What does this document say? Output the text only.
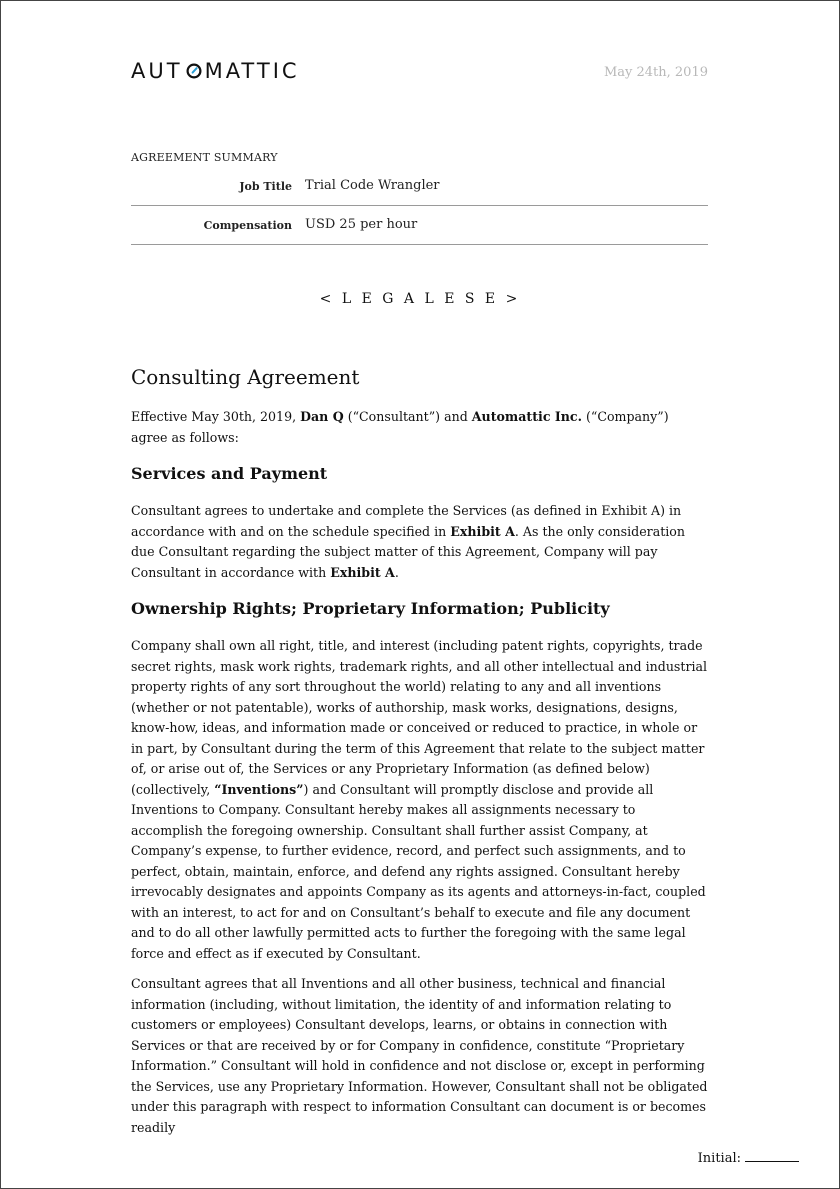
AUT MATTIC	May 24th, 2019
AGREEMENT SUMMARY
Job Title Trial Code Wrangler
Compensation USD 25 per hour
< L E G A L E S E >
Consulting Agreement

Effective May 30th, 2019, Dan Q (“Consultant”) and Automattic Inc. (“Company”) agree as follows:

Services and Payment

Consultant agrees to undertake and complete the Services (as defined in Exhibit A) in accordance with and on the schedule specified in Exhibit A. As the only consideration due Consultant regarding the subject matter of this Agreement, Company will pay Consultant in accordance with Exhibit A.

Ownership Rights; Proprietary Information; Publicity

Company shall own all right, title, and interest (including patent rights, copyrights, trade secret rights, mask work rights, trademark rights, and all other intellectual and industrial property rights of any sort throughout the world) relating to any and all inventions (whether or not patentable), works of authorship, mask works, designations, designs, know-how, ideas, and information made or conceived or reduced to practice, in whole or in part, by Consultant during the term of this Agreement that relate to the subject matter of, or arise out of, the Services or any Proprietary Information (as defined below) (collectively, “Inventions”) and Consultant will promptly disclose and provide all Inventions to Company. Consultant hereby makes all assignments necessary to accomplish the foregoing ownership. Consultant shall further assist Company, at Company’s expense, to further evidence, record, and perfect such assignments, and to perfect, obtain, maintain, enforce, and defend any rights assigned. Consultant hereby irrevocably designates and appoints Company as its agents and attorneys-in-fact, coupled with an interest, to act for and on Consultant’s behalf to execute and file any document and to do all other lawfully permitted acts to further the foregoing with the same legal force and effect as if executed by Consultant.

Consultant agrees that all Inventions and all other business, technical and financial information (including, without limitation, the identity of and information relating to customers or employees) Consultant develops, learns, or obtains in connection with Services or that are received by or for Company in confidence, constitute “Proprietary Information.” Consultant will hold in confidence and not disclose or, except in performing the Services, use any Proprietary Information. However, Consultant shall not be obligated under this paragraph with respect to information Consultant can document is or becomes readily

Initial:
